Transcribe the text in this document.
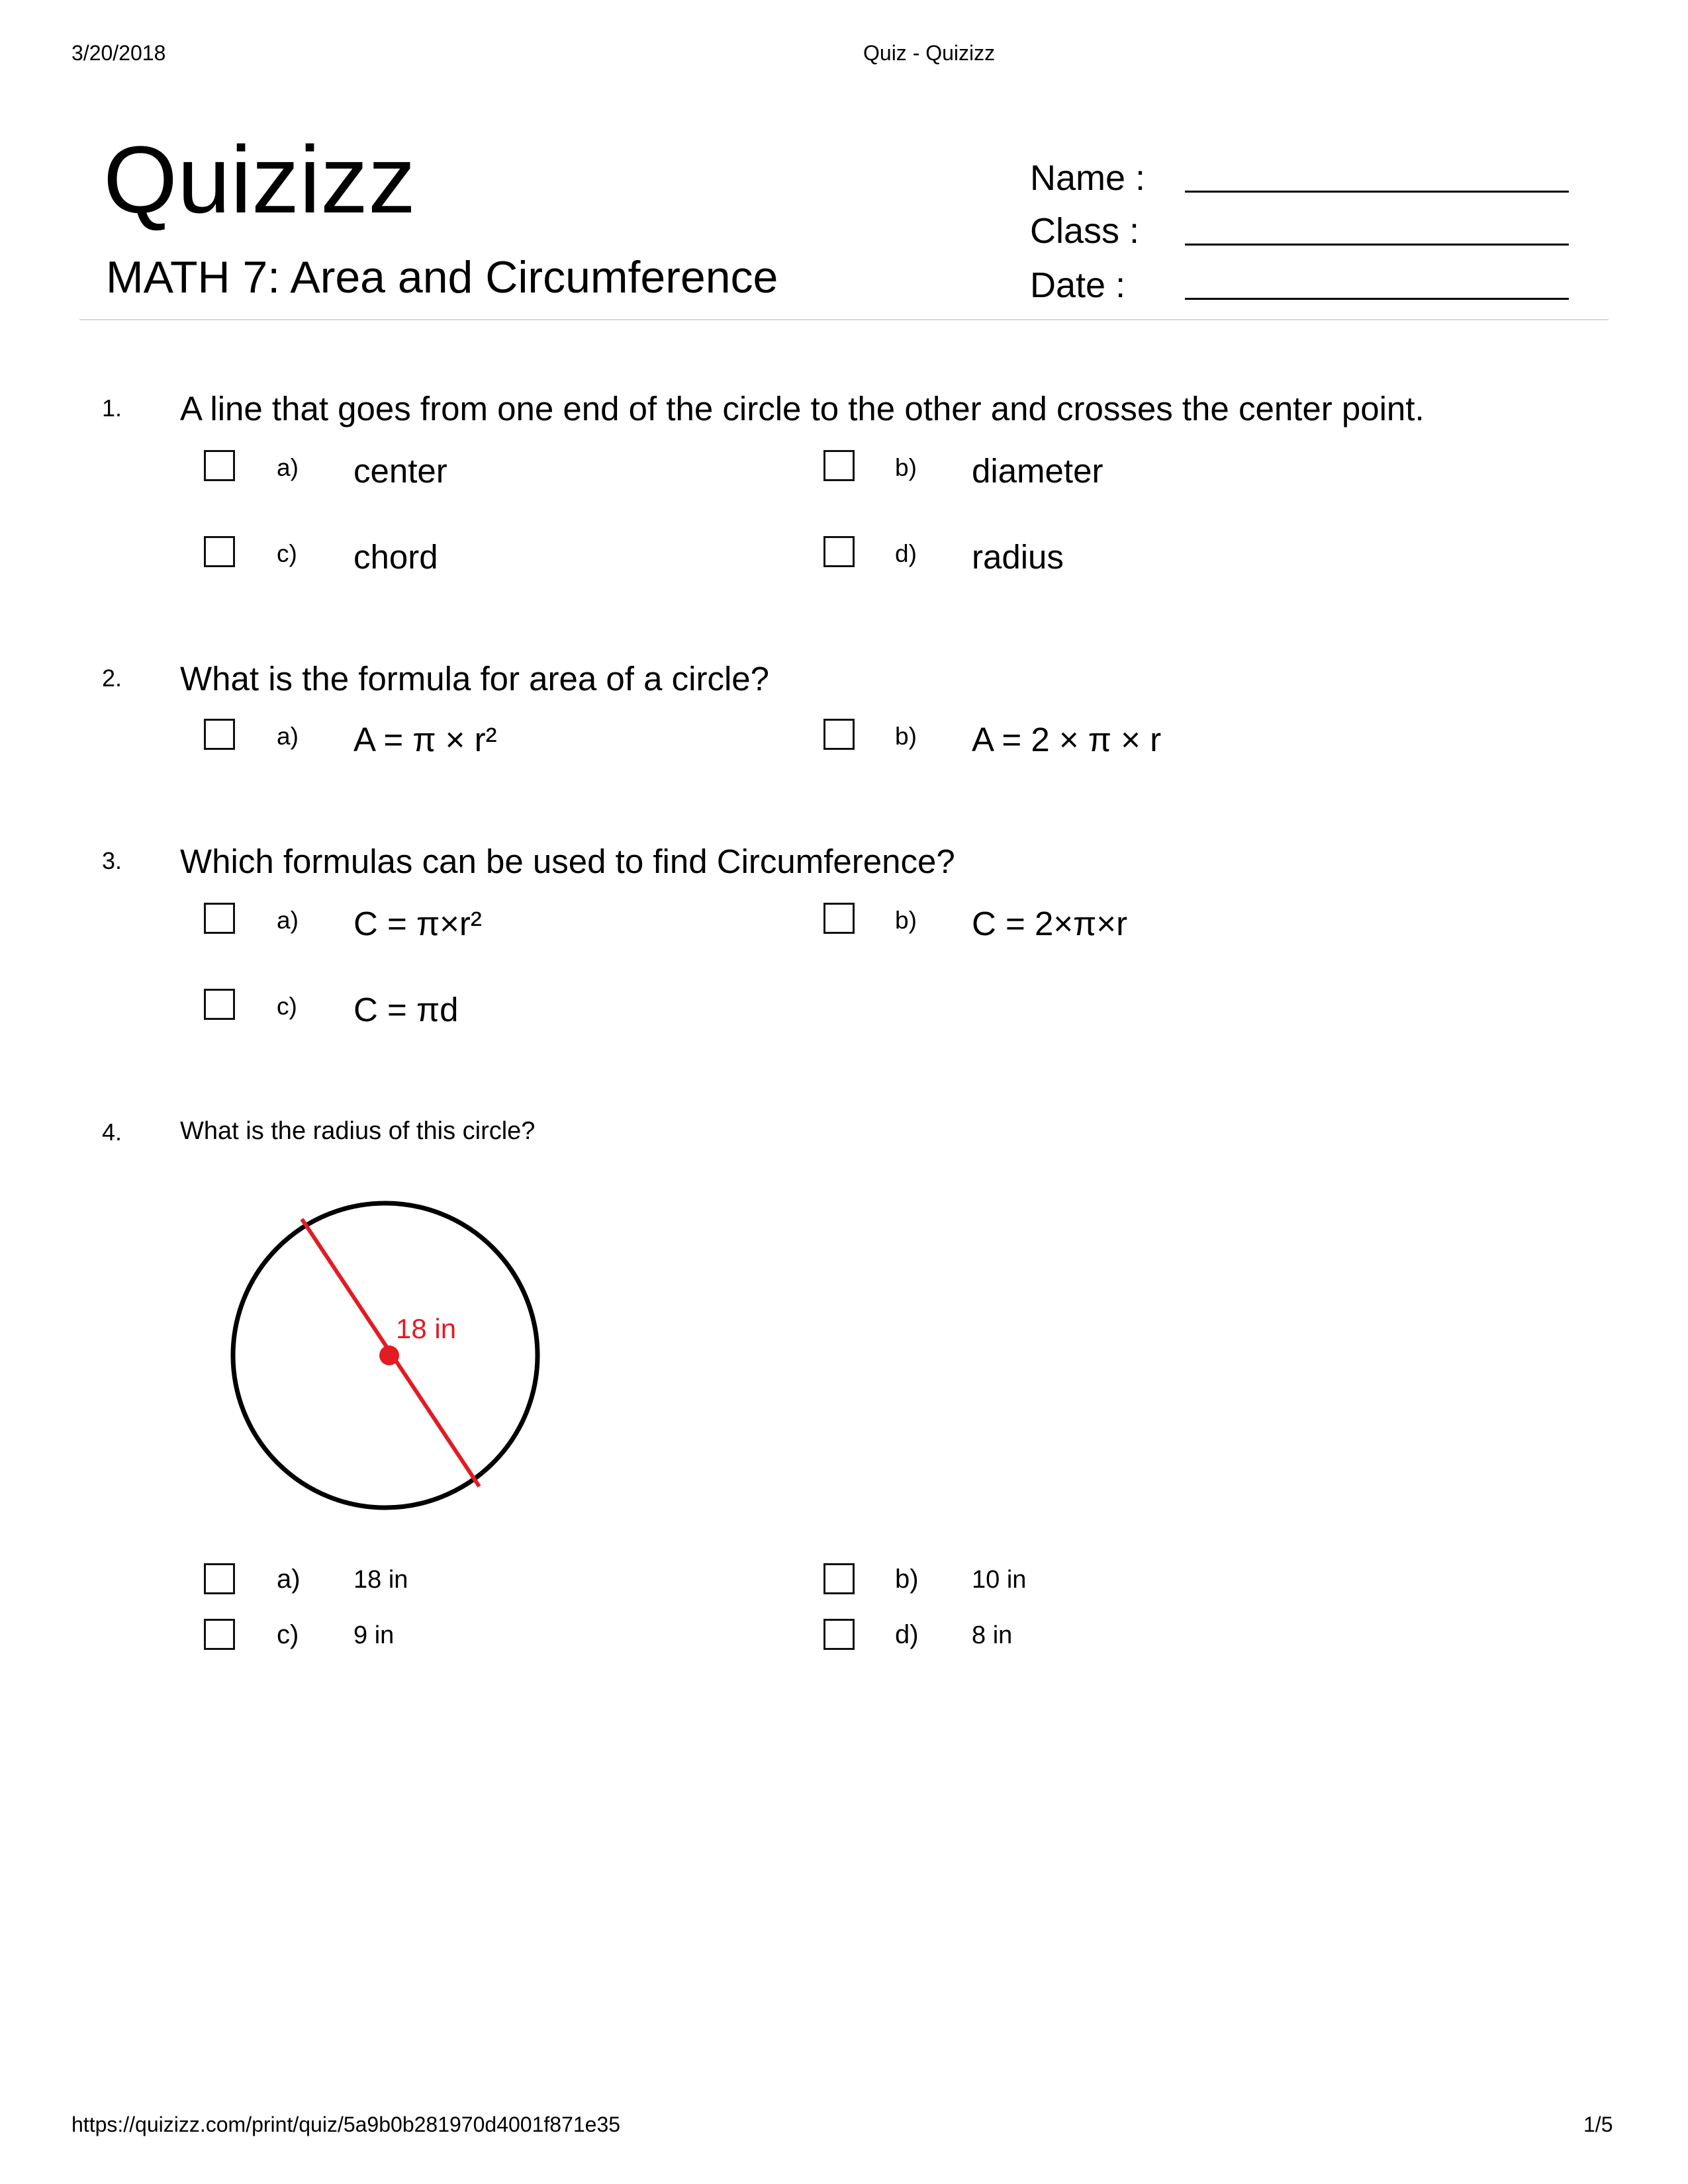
3/20/2018	Quiz - Quizizz
Quizizz
MATH 7: Area and Circumference
Name :
Class :
Date :
1. A line that goes from one end of the circle to the other and crosses the center point.
a) center	b) diameter
c) chord	d) radius
2. What is the formula for area of a circle?
a) A = π × r²	b) A = 2 × π × r
3. Which formulas can be used to find Circumference?
a) C = π×r²	b) C = 2×π×r
c) C = πd
4. What is the radius of this circle?
18 in
a) 18 in	b) 10 in
c) 9 in	d) 8 in
https://quizizz.com/print/quiz/5a9b0b281970d4001f871e35	1/5
